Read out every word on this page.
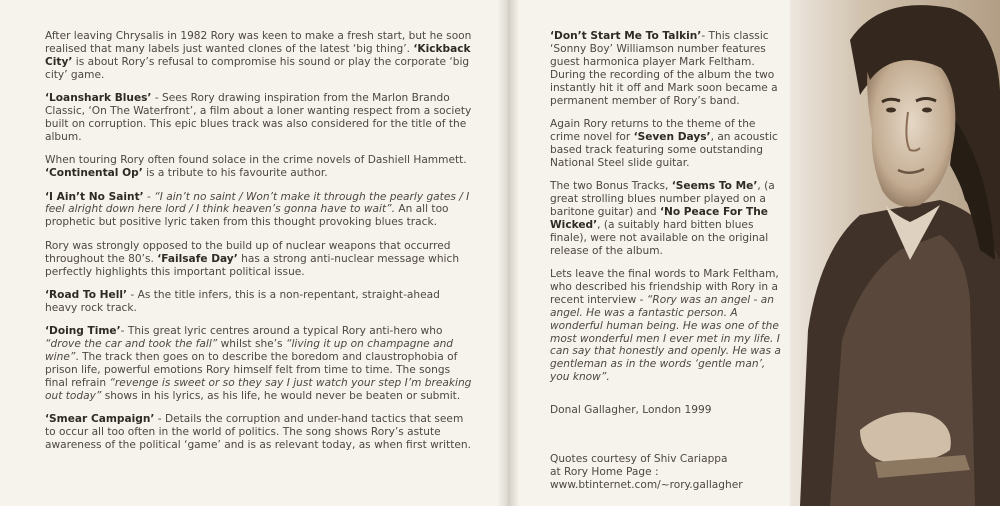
After leaving Chrysalis in 1982 Rory was keen to make a fresh start, but he soon realised that many labels just wanted clones of the latest ‘big thing’. ‘Kickback City’ is about Rory’s refusal to compromise his sound or play the corporate ‘big city’ game.

‘Loanshark Blues’ - Sees Rory drawing inspiration from the Marlon Brando Classic, ‘On The Waterfront’, a film about a loner wanting respect from a society built on corruption. This epic blues track was also considered for the title of the album.

When touring Rory often found solace in the crime novels of Dashiell Hammett. ‘Continental Op’ is a tribute to his favourite author.

‘I Ain’t No Saint’ - “I ain’t no saint / Won’t make it through the pearly gates / I feel alright down here lord / I think heaven’s gonna have to wait”. An all too prophetic but positive lyric taken from this thought provoking blues track.

Rory was strongly opposed to the build up of nuclear weapons that occurred throughout the 80’s. ‘Failsafe Day’ has a strong anti-nuclear message which perfectly highlights this important political issue.

‘Road To Hell’ - As the title infers, this is a non-repentant, straight-ahead heavy rock track.

‘Doing Time’- This great lyric centres around a typical Rory anti-hero who “drove the car and took the fall” whilst she’s “living it up on champagne and wine”. The track then goes on to describe the boredom and claustrophobia of prison life, powerful emotions Rory himself felt from time to time. The songs final refrain “revenge is sweet or so they say I just watch your step I’m breaking out today” shows in his lyrics, as his life, he would never be beaten or submit.

‘Smear Campaign’ - Details the corruption and under-hand tactics that seem to occur all too often in the world of politics. The song shows Rory’s astute awareness of the political ‘game’ and is as relevant today, as when first written.

‘Don’t Start Me To Talkin’- This classic ‘Sonny Boy’ Williamson number features guest harmonica player Mark Feltham. During the recording of the album the two instantly hit it off and Mark soon became a permanent member of Rory’s band.

Again Rory returns to the theme of the crime novel for ‘Seven Days’, an acoustic based track featuring some outstanding National Steel slide guitar.

The two Bonus Tracks, ‘Seems To Me’, (a great strolling blues number played on a baritone guitar) and ‘No Peace For The Wicked’, (a suitably hard bitten blues finale), were not available on the original release of the album.

Lets leave the final words to Mark Feltham, who described his friendship with Rory in a recent interview - “Rory was an angel - an angel. He was a fantastic person. A wonderful human being. He was one of the most wonderful men I ever met in my life. I can say that honestly and openly. He was a gentleman as in the words ‘gentle man’, you know”.

Donal Gallagher, London 1999

Quotes courtesy of Shiv Cariappa
at Rory Home Page :
www.btinternet.com/~rory.gallagher
